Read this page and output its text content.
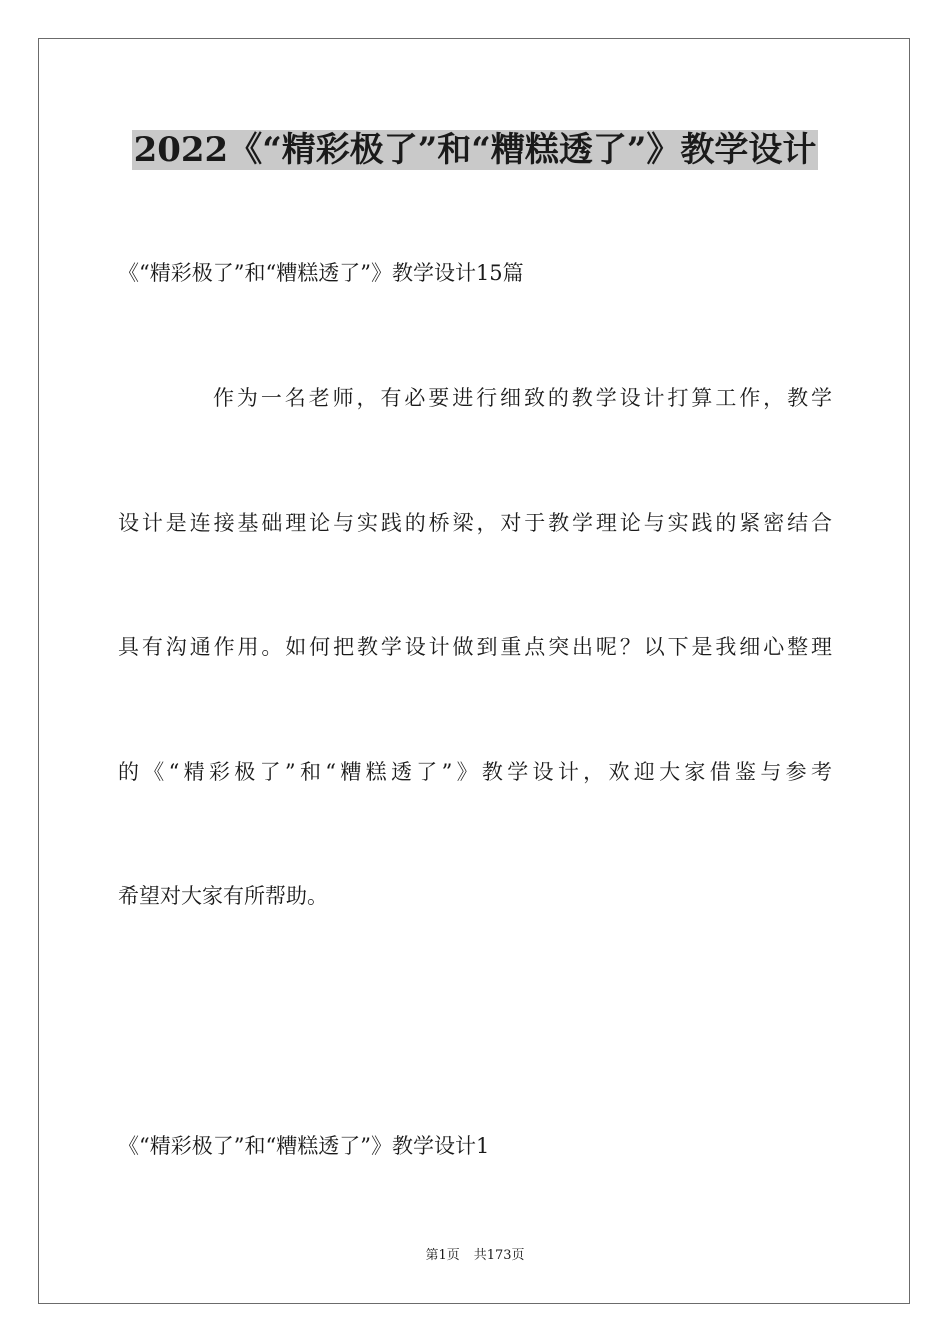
2022《“精彩极了”和“糟糕透了”》教学设计

《“精彩极了”和“糟糕透了”》教学设计15篇

作为一名老师，有必要进行细致的教学设计打算工作，教学

设计是连接基础理论与实践的桥梁，对于教学理论与实践的紧密结合

具有沟通作用。如何把教学设计做到重点突出呢？以下是我细心整理

的《“精彩极了”和“糟糕透了”》教学设计，欢迎大家借鉴与参考

希望对大家有所帮助。

《“精彩极了”和“糟糕透了”》教学设计1

第1页 共173页
